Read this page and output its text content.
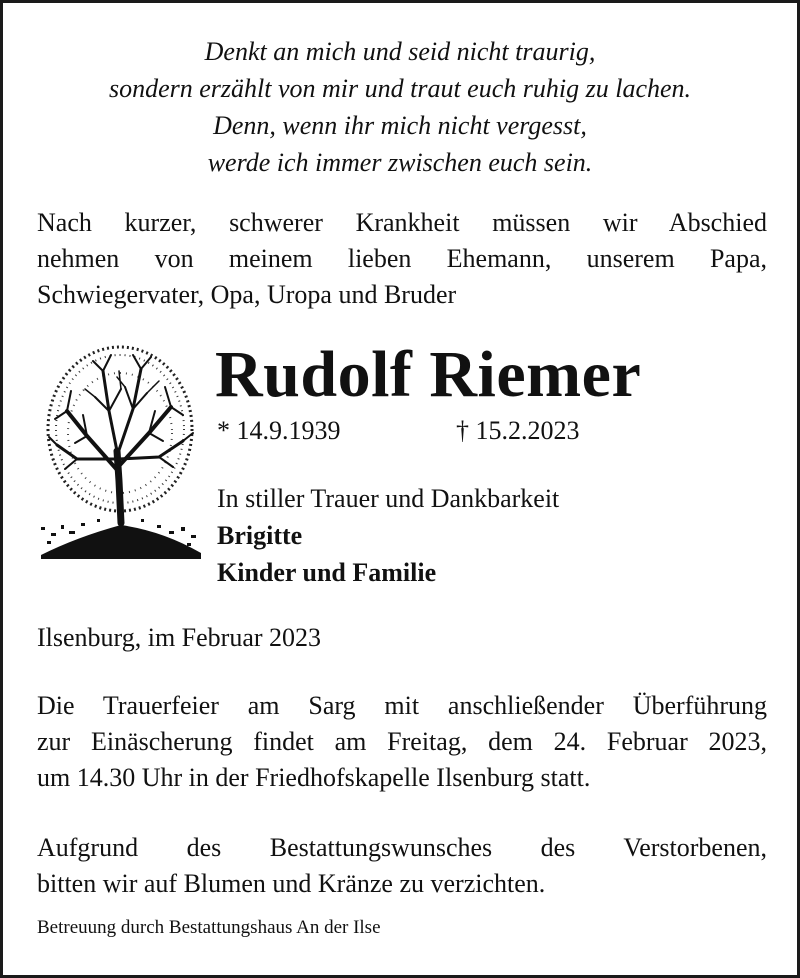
Denkt an mich und seid nicht traurig,
sondern erzählt von mir und traut euch ruhig zu lachen.
Denn, wenn ihr mich nicht vergesst,
werde ich immer zwischen euch sein.
Nach kurzer, schwerer Krankheit müssen wir Abschied
nehmen von meinem lieben Ehemann, unserem Papa,
Schwiegervater, Opa, Uropa und Bruder
Rudolf Riemer
* 14.9.1939	† 15.2.2023
In stiller Trauer und Dankbarkeit
Brigitte
Kinder und Familie
Ilsenburg, im Februar 2023
Die Trauerfeier am Sarg mit anschließender Überführung
zur Einäscherung findet am Freitag, dem 24. Februar 2023,
um 14.30 Uhr in der Friedhofskapelle Ilsenburg statt.
Aufgrund des Bestattungswunsches des Verstorbenen,
bitten wir auf Blumen und Kränze zu verzichten.
Betreuung durch Bestattungshaus An der Ilse
